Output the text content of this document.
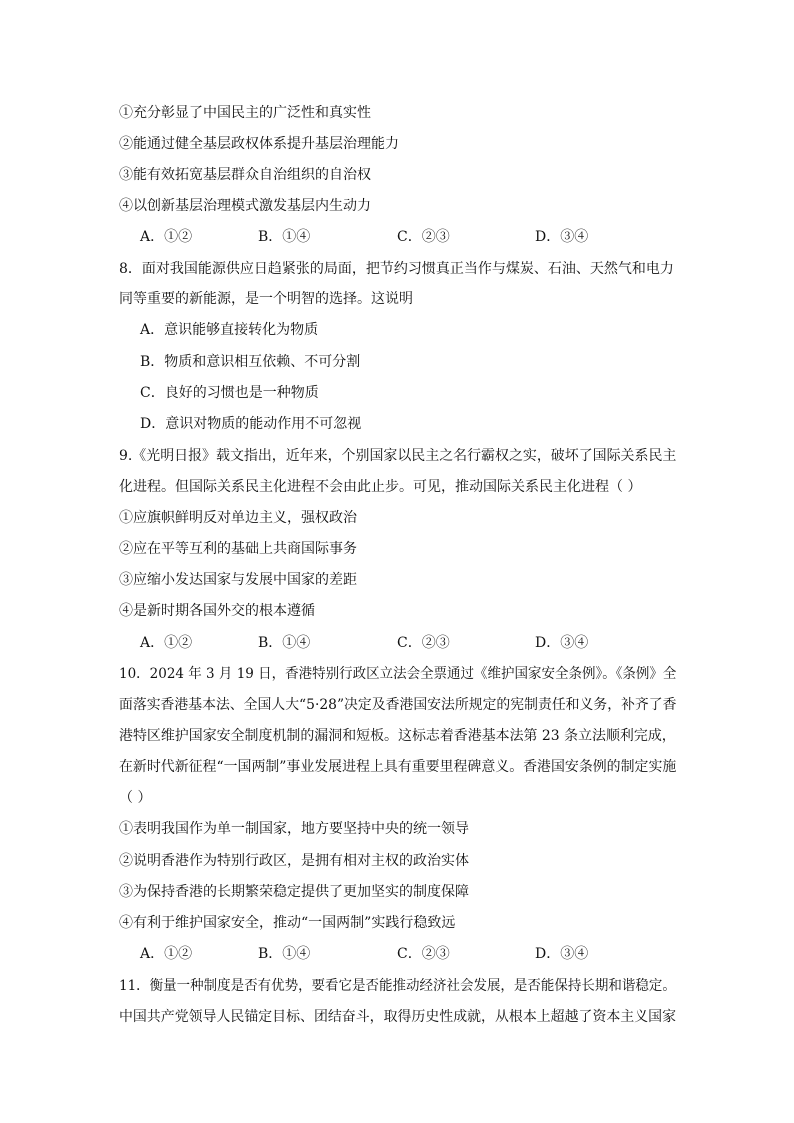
①充分彰显了中国民主的广泛性和真实性
②能通过健全基层政权体系提升基层治理能力
③能有效拓宽基层群众自治组织的自治权
④以创新基层治理模式激发基层内生动力
A．①②	B．①④	C．②③	D．③④
8．面对我国能源供应日趋紧张的局面，把节约习惯真正当作与煤炭、石油、天然气和电力
同等重要的新能源，是一个明智的选择。这说明
A．意识能够直接转化为物质
B．物质和意识相互依赖、不可分割
C．良好的习惯也是一种物质
D．意识对物质的能动作用不可忽视
9.《光明日报》载文指出，近年来，个别国家以民主之名行霸权之实，破坏了国际关系民主
化进程。但国际关系民主化进程不会由此止步。可见，推动国际关系民主化进程（ ）
①应旗帜鲜明反对单边主义，强权政治
②应在平等互利的基础上共商国际事务
③应缩小发达国家与发展中国家的差距
④是新时期各国外交的根本遵循
A．①②	B．①④	C．②③	D．③④
10．2024 年 3 月 19 日，香港特别行政区立法会全票通过《维护国家安全条例》。《条例》全
面落实香港基本法、全国人大“5·28”决定及香港国安法所规定的宪制责任和义务，补齐了香
港特区维护国家安全制度机制的漏洞和短板。这标志着香港基本法第 23 条立法顺利完成，
在新时代新征程“一国两制”事业发展进程上具有重要里程碑意义。香港国安条例的制定实施
（ ）
①表明我国作为单一制国家，地方要坚持中央的统一领导
②说明香港作为特别行政区，是拥有相对主权的政治实体
③为保持香港的长期繁荣稳定提供了更加坚实的制度保障
④有利于维护国家安全，推动“一国两制”实践行稳致远
A．①②	B．①④	C．②③	D．③④
11．衡量一种制度是否有优势，要看它是否能推动经济社会发展，是否能保持长期和谐稳定。
中国共产党领导人民锚定目标、团结奋斗，取得历史性成就，从根本上超越了资本主义国家
